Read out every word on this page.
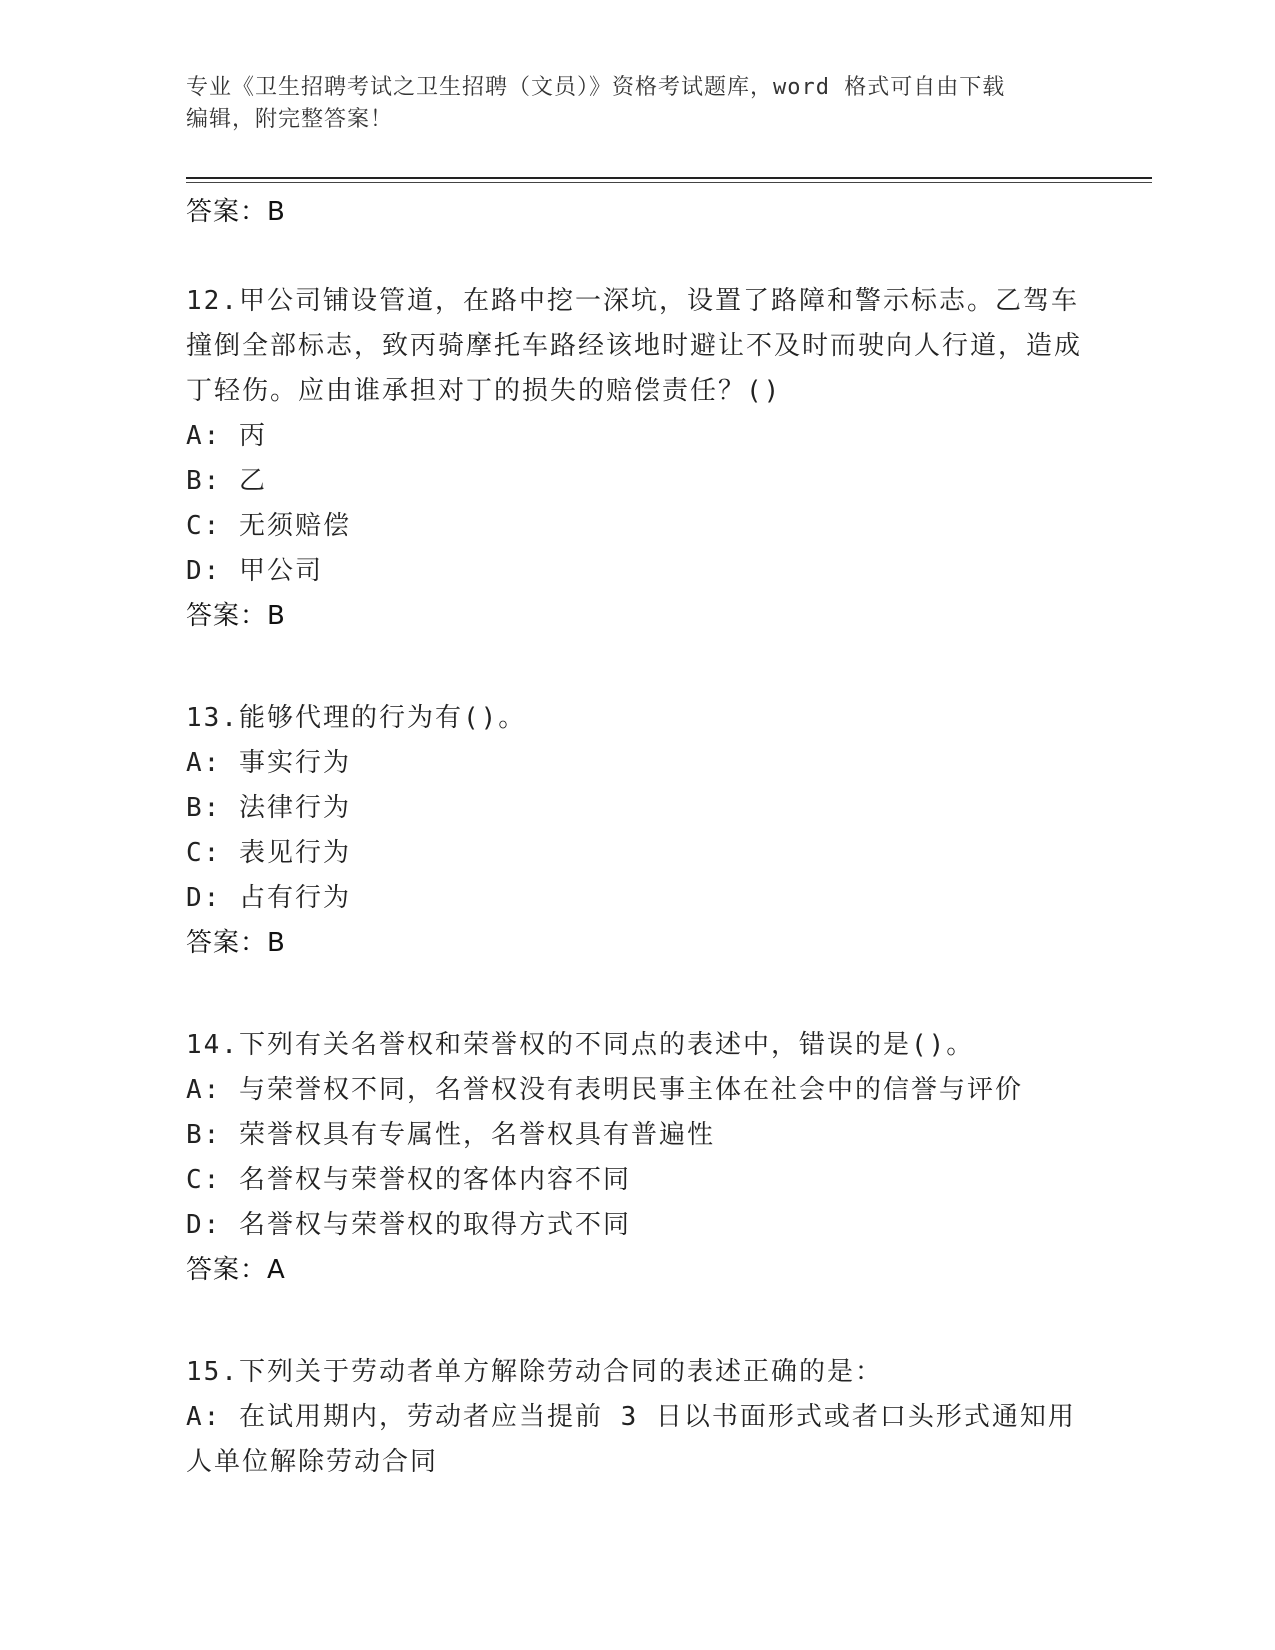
专业《卫生招聘考试之卫生招聘（文员）》资格考试题库，word 格式可自由下载
编辑，附完整答案！
答案：B
12.甲公司铺设管道，在路中挖一深坑，设置了路障和警示标志。乙驾车撞倒全部标志，致丙骑摩托车路经该地时避让不及时而驶向人行道，造成丁轻伤。应由谁承担对丁的损失的赔偿责任？()
A: 丙
B: 乙
C: 无须赔偿
D: 甲公司
答案：B
13.能够代理的行为有()。
A: 事实行为
B: 法律行为
C: 表见行为
D: 占有行为
答案：B
14.下列有关名誉权和荣誉权的不同点的表述中，错误的是()。
A: 与荣誉权不同，名誉权没有表明民事主体在社会中的信誉与评价
B: 荣誉权具有专属性，名誉权具有普遍性
C: 名誉权与荣誉权的客体内容不同
D: 名誉权与荣誉权的取得方式不同
答案：A
15.下列关于劳动者单方解除劳动合同的表述正确的是：
A: 在试用期内，劳动者应当提前 3 日以书面形式或者口头形式通知用人单位解除劳动合同
